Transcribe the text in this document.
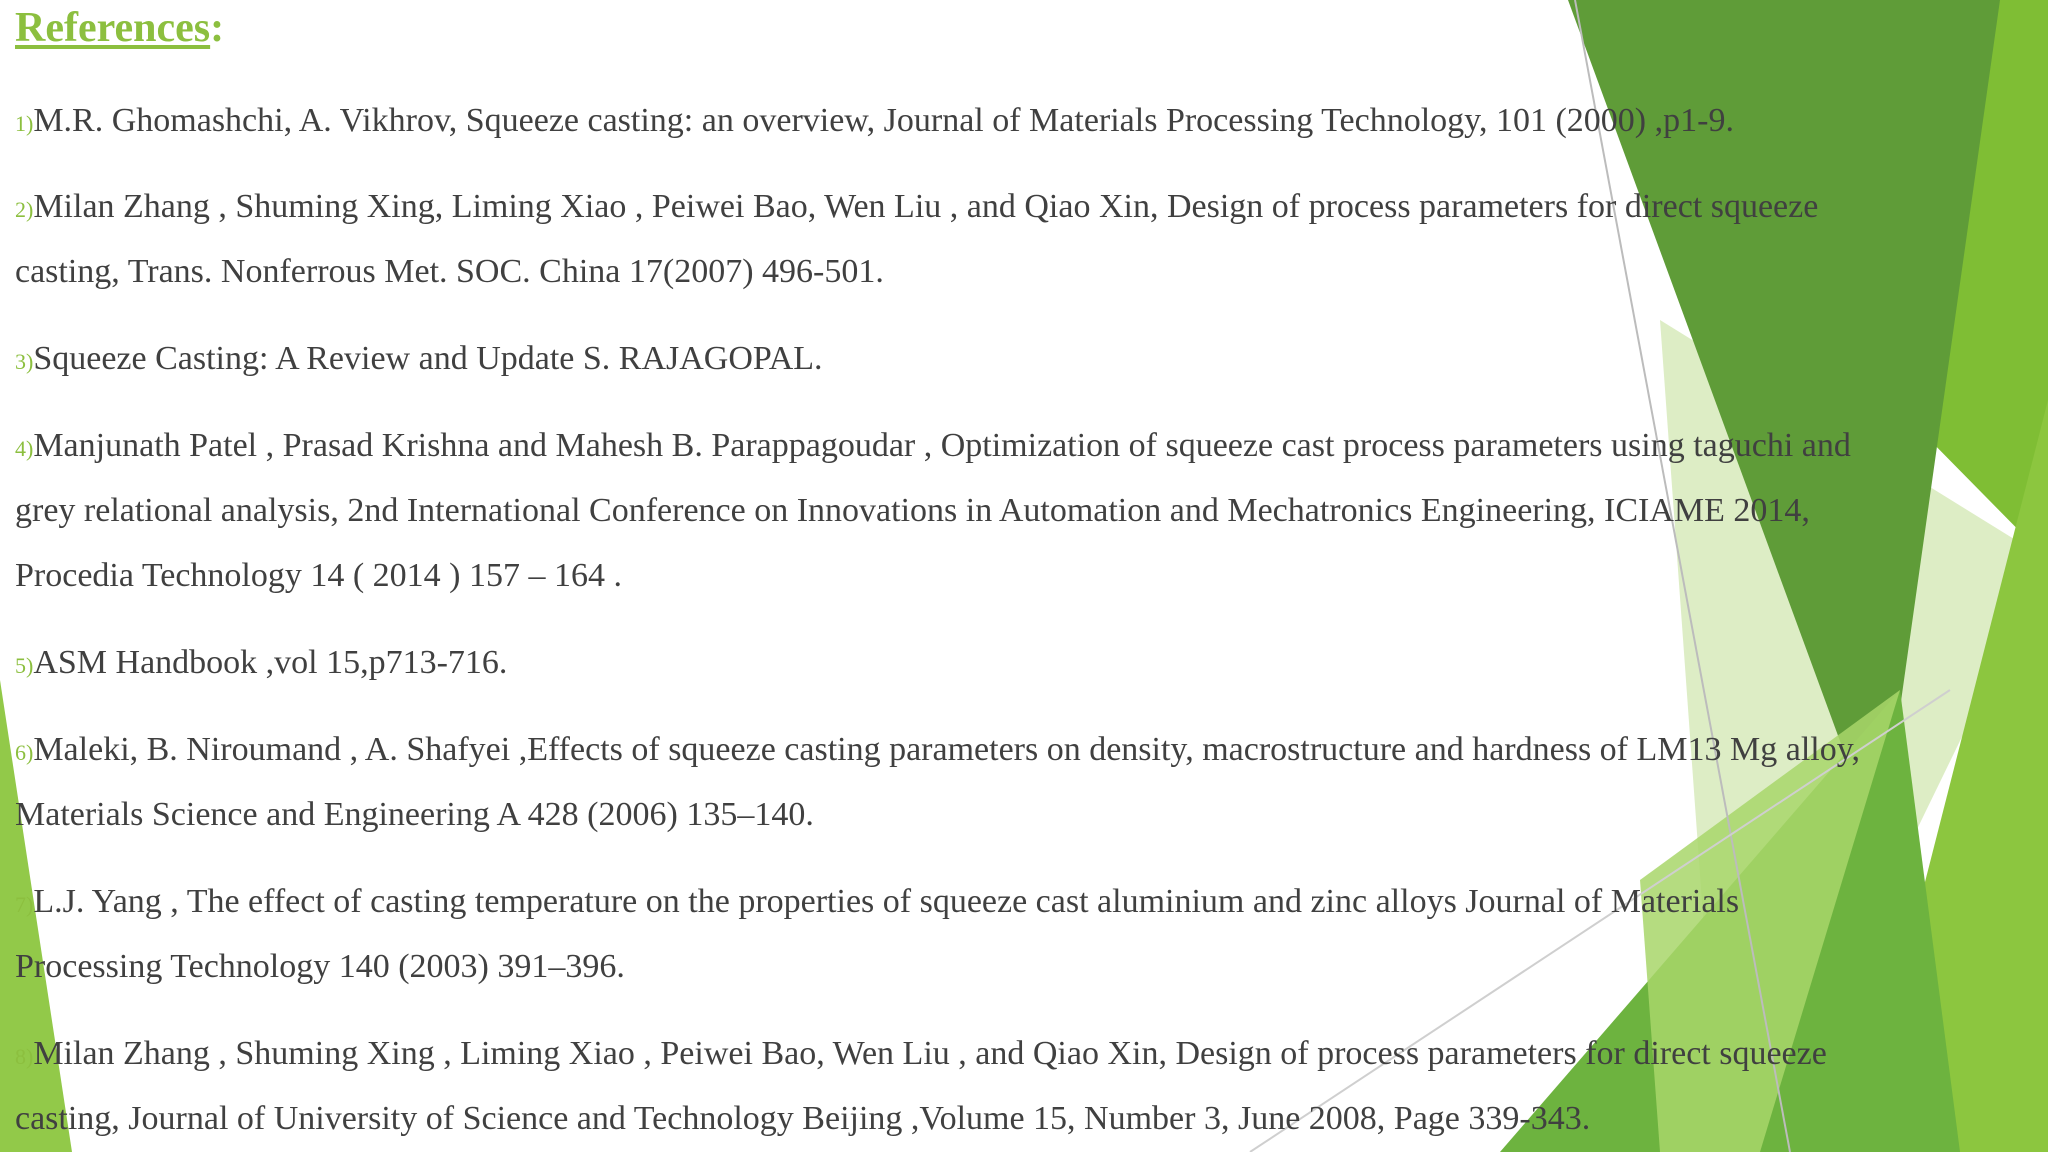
References:
1)M.R. Ghomashchi, A. Vikhrov, Squeeze casting: an overview, Journal of Materials Processing Technology, 101 (2000) ,p1-9.
2)Milan Zhang , Shuming Xing, Liming Xiao , Peiwei Bao, Wen Liu , and Qiao Xin, Design of process parameters for direct squeeze
casting, Trans. Nonferrous Met. SOC. China 17(2007) 496-501.
3)Squeeze Casting: A Review and Update S. RAJAGOPAL.
4)Manjunath Patel , Prasad Krishna and Mahesh B. Parappagoudar , Optimization of squeeze cast process parameters using taguchi and
grey relational analysis, 2nd International Conference on Innovations in Automation and Mechatronics Engineering, ICIAME 2014,
Procedia Technology 14 ( 2014 ) 157 – 164 .
5)ASM Handbook ,vol 15,p713-716.
6)Maleki, B. Niroumand , A. Shafyei ,Effects of squeeze casting parameters on density, macrostructure and hardness of LM13 Mg alloy,
Materials Science and Engineering A 428 (2006) 135–140.
7)L.J. Yang , The effect of casting temperature on the properties of squeeze cast aluminium and zinc alloys Journal of Materials
Processing Technology 140 (2003) 391–396.
8)Milan Zhang , Shuming Xing , Liming Xiao , Peiwei Bao, Wen Liu , and Qiao Xin, Design of process parameters for direct squeeze
casting, Journal of University of Science and Technology Beijing ,Volume 15, Number 3, June 2008, Page 339-343.
